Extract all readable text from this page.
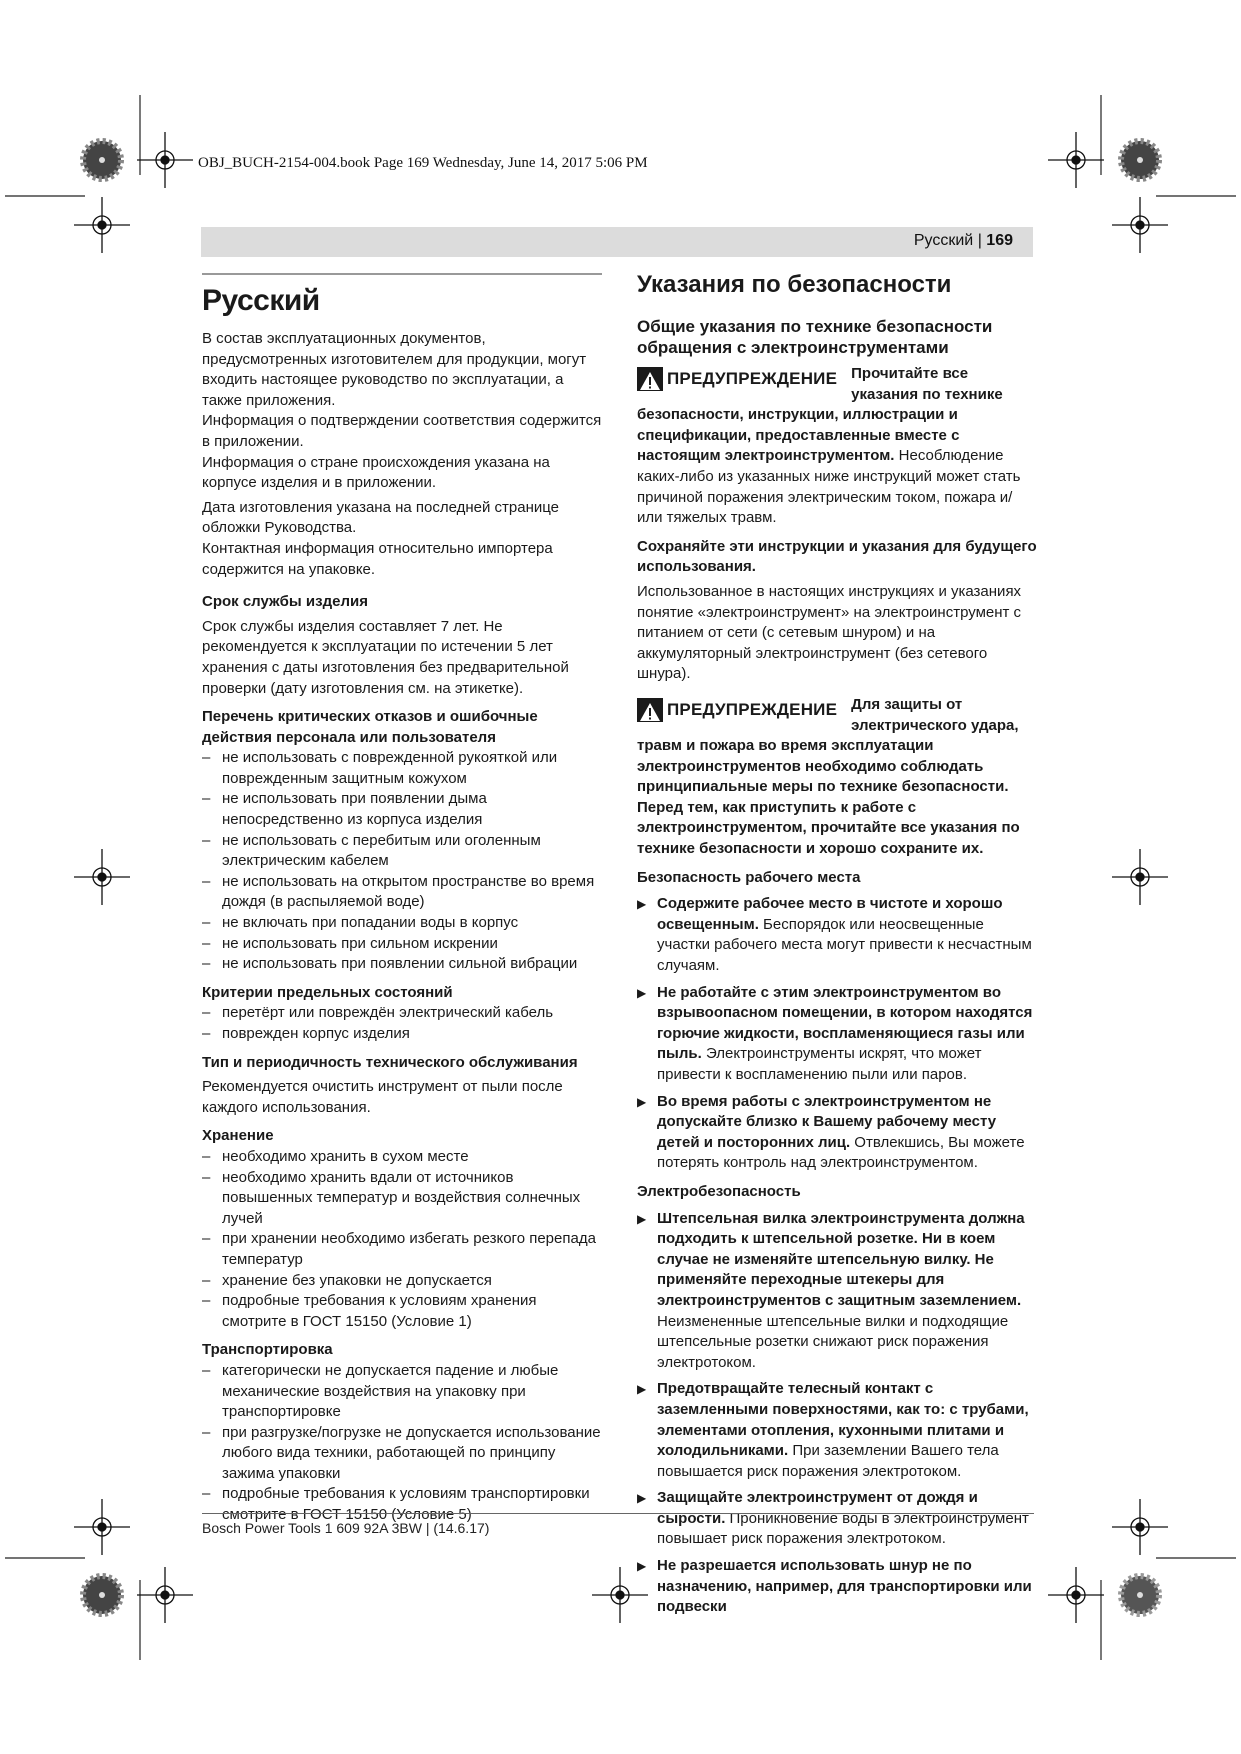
OBJ_BUCH-2154-004.book Page 169 Wednesday, June 14, 2017 5:06 PM
Русский | 169
Русский

В состав эксплуатационных документов, предусмотренных изготовителем для продукции, могут входить настоящее руководство по эксплуатации, а также приложения.

Информация о подтверждении соответствия содержится в приложении.

Информация о стране происхождения указана на корпусе изделия и в приложении.

Дата изготовления указана на последней странице обложки Руководства.

Контактная информация относительно импортера содержится на упаковке.

Срок службы изделия

Срок службы изделия составляет 7 лет. Не рекомендуется к эксплуатации по истечении 5 лет хранения с даты изготовления без предварительной проверки (дату изготовления см. на этикетке).

Перечень критических отказов и ошибочные действия персонала или пользователя

– не использовать с поврежденной рукояткой или поврежденным защитным кожухом
– не использовать при появлении дыма непосредственно из корпуса изделия
– не использовать с перебитым или оголенным электрическим кабелем
– не использовать на открытом пространстве во время дождя (в распыляемой воде)
– не включать при попадании воды в корпус
– не использовать при сильном искрении
– не использовать при появлении сильной вибрации

Критерии предельных состояний

– перетёрт или повреждён электрический кабель
– поврежден корпус изделия

Тип и периодичность технического обслуживания

Рекомендуется очистить инструмент от пыли после каждого использования.

Хранение

– необходимо хранить в сухом месте
– необходимо хранить вдали от источников повышенных температур и воздействия солнечных лучей
– при хранении необходимо избегать резкого перепада температур
– хранение без упаковки не допускается
– подробные требования к условиям хранения смотрите в ГОСТ 15150 (Условие 1)

Транспортировка

– категорически не допускается падение и любые механические воздействия на упаковку при транспортировке
– при разгрузке/погрузке не допускается использование любого вида техники, работающей по принципу зажима упаковки
– подробные требования к условиям транспортировки смотрите в ГОСТ 15150 (Условие 5)
Указания по безопасности
Общие указания по технике безопасности обращения с электроинструментами
ПРЕДУПРЕЖДЕНИЕ Прочитайте все указания по технике безопасности, инструкции, иллюстрации и спецификации, предоставленные вместе с настоящим электроинструментом. Несоблюдение каких-либо из указанных ниже инструкций может стать причиной поражения электрическим током, пожара и/или тяжелых травм.

Сохраняйте эти инструкции и указания для будущего использования.

Использованное в настоящих инструкциях и указаниях понятие «электроинструмент» на электроинструмент с питанием от сети (с сетевым шнуром) и на аккумуляторный электроинструмент (без сетевого шнура).

ПРЕДУПРЕЖДЕНИЕ Для защиты от электрического удара, травм и пожара во время эксплуатации электроинструментов необходимо соблюдать принципиальные меры по технике безопасности.

Перед тем, как приступить к работе с электроинструментом, прочитайте все указания по технике безопасности и хорошо сохраните их.

Безопасность рабочего места

▶ Содержите рабочее место в чистоте и хорошо освещенным. Беспорядок или неосвещенные участки рабочего места могут привести к несчастным случаям.
▶ Не работайте с этим электроинструментом во взрывоопасном помещении, в котором находятся горючие жидкости, воспламеняющиеся газы или пыль. Электроинструменты искрят, что может привести к воспламенению пыли или паров.
▶ Во время работы с электроинструментом не допускайте близко к Вашему рабочему месту детей и посторонних лиц. Отвлекшись, Вы можете потерять контроль над электроинструментом.

Электробезопасность

▶ Штепсельная вилка электроинструмента должна подходить к штепсельной розетке. Ни в коем случае не изменяйте штепсельную вилку. Не применяйте переходные штекеры для электроинструментов с защитным заземлением. Неизмененные штепсельные вилки и подходящие штепсельные розетки снижают риск поражения электротоком.
▶ Предотвращайте телесный контакт с заземленными поверхностями, как то: с трубами, элементами отопления, кухонными плитами и холодильниками. При заземлении Вашего тела повышается риск поражения электротоком.
▶ Защищайте электроинструмент от дождя и сырости. Проникновение воды в электроинструмент повышает риск поражения электротоком.
▶ Не разрешается использовать шнур не по назначению, например, для транспортировки или подвески
Bosch Power Tools 1 609 92A 3BW | (14.6.17)
